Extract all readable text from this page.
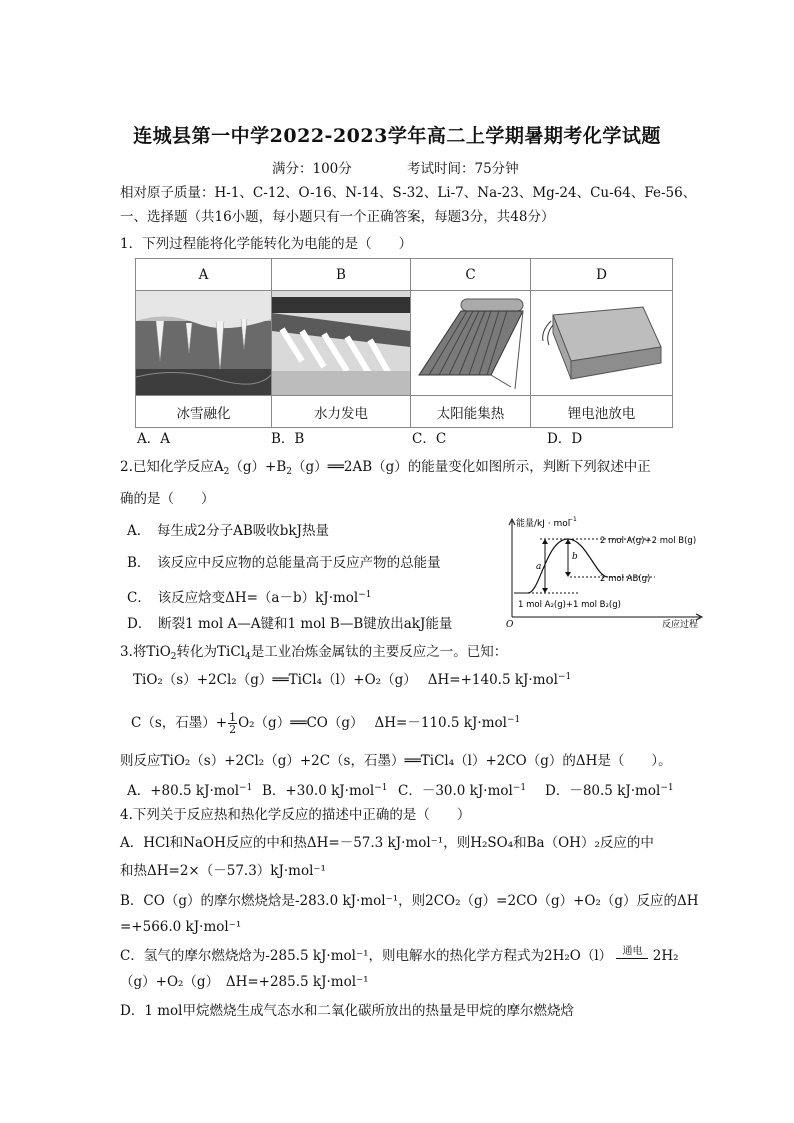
连城县第一中学2022-2023学年高二上学期暑期考化学试题
满分：100分	考试时间：75分钟
相对原子质量：H-1、C-12、O-16、N-14、S-32、Li-7、Na-23、Mg-24、Cu-64、Fe-56、
一、选择题（共16小题，每小题只有一个正确答案，每题3分，共48分）
1．下列过程能将化学能转化为电能的是（　　）
A	B	C	D

冰雪融化	水力发电	太阳能集热	锂电池放电
A．A	B．B	C．C	D．D
2.已知化学反应$A_2(g)+B_2(g)══2AB(g)$的能量变化如图所示，判断下列叙述中正
确的是（　　）
A．　每生成2分子AB吸收bkJ热量
B．　该反应中反应物的总能量高于反应产物的总能量
C．　该反应焓变ΔH=（a－b）kJ·mol$^{-1}$
D．　断裂1 mol A—A键和1 mol B—B键放出akJ能量
能量/kJ · mol
−1
O	反应过程
a
b
2 mol A(g)+2 mol B(g)
2 mol AB(g)
1 mol A₂(g)+1 mol B₂(g)
3.将TiO$_2$转化为TiCl$_4$是工业冶炼金属钛的主要反应之一。已知：
TiO₂（s）+2Cl₂（g）══TiCl₄（l）+O₂（g）　 ΔH=+140.5 kJ·mol$^{-1}$
C（s，石墨）+ $\frac{1}{2}$ O₂（g）══CO（g）　 ΔH=－110.5 kJ·mol$^{-1}$
则反应TiO₂（s）+2Cl₂（g）+2C（s，石墨）══TiCl₄（l）+2CO（g）的ΔH是（　　）。
A．+80.5 kJ·mol$^{-1}$ B．+30.0 kJ·mol$^{-1}$ C．－30.0 kJ·mol$^{-1}$ D．－80.5 kJ·mol$^{-1}$
4.下列关于反应热和热化学反应的描述中正确的是（　　）
A．HCl和NaOH反应的中和热ΔH=－57.3 kJ·mol⁻¹，则H₂SO₄和Ba（OH）₂反应的中
和热ΔH=2×（－57.3）kJ·mol⁻¹
B．CO（g）的摩尔燃烧焓是-283.0 kJ·mol⁻¹，则2CO₂（g）=2CO（g）+O₂（g）反应的ΔH
=+566.0 kJ·mol⁻¹
C．氢气的摩尔燃烧焓为-285.5 kJ·mol⁻¹，则电解水的热化学方程式为2H₂O（l） $^{通电}$ 2H₂
（g）+O₂（g）　ΔH=+285.5 kJ·mol⁻¹
D．1 mol甲烷燃烧生成气态水和二氧化碳所放出的热量是甲烷的摩尔燃烧焓
